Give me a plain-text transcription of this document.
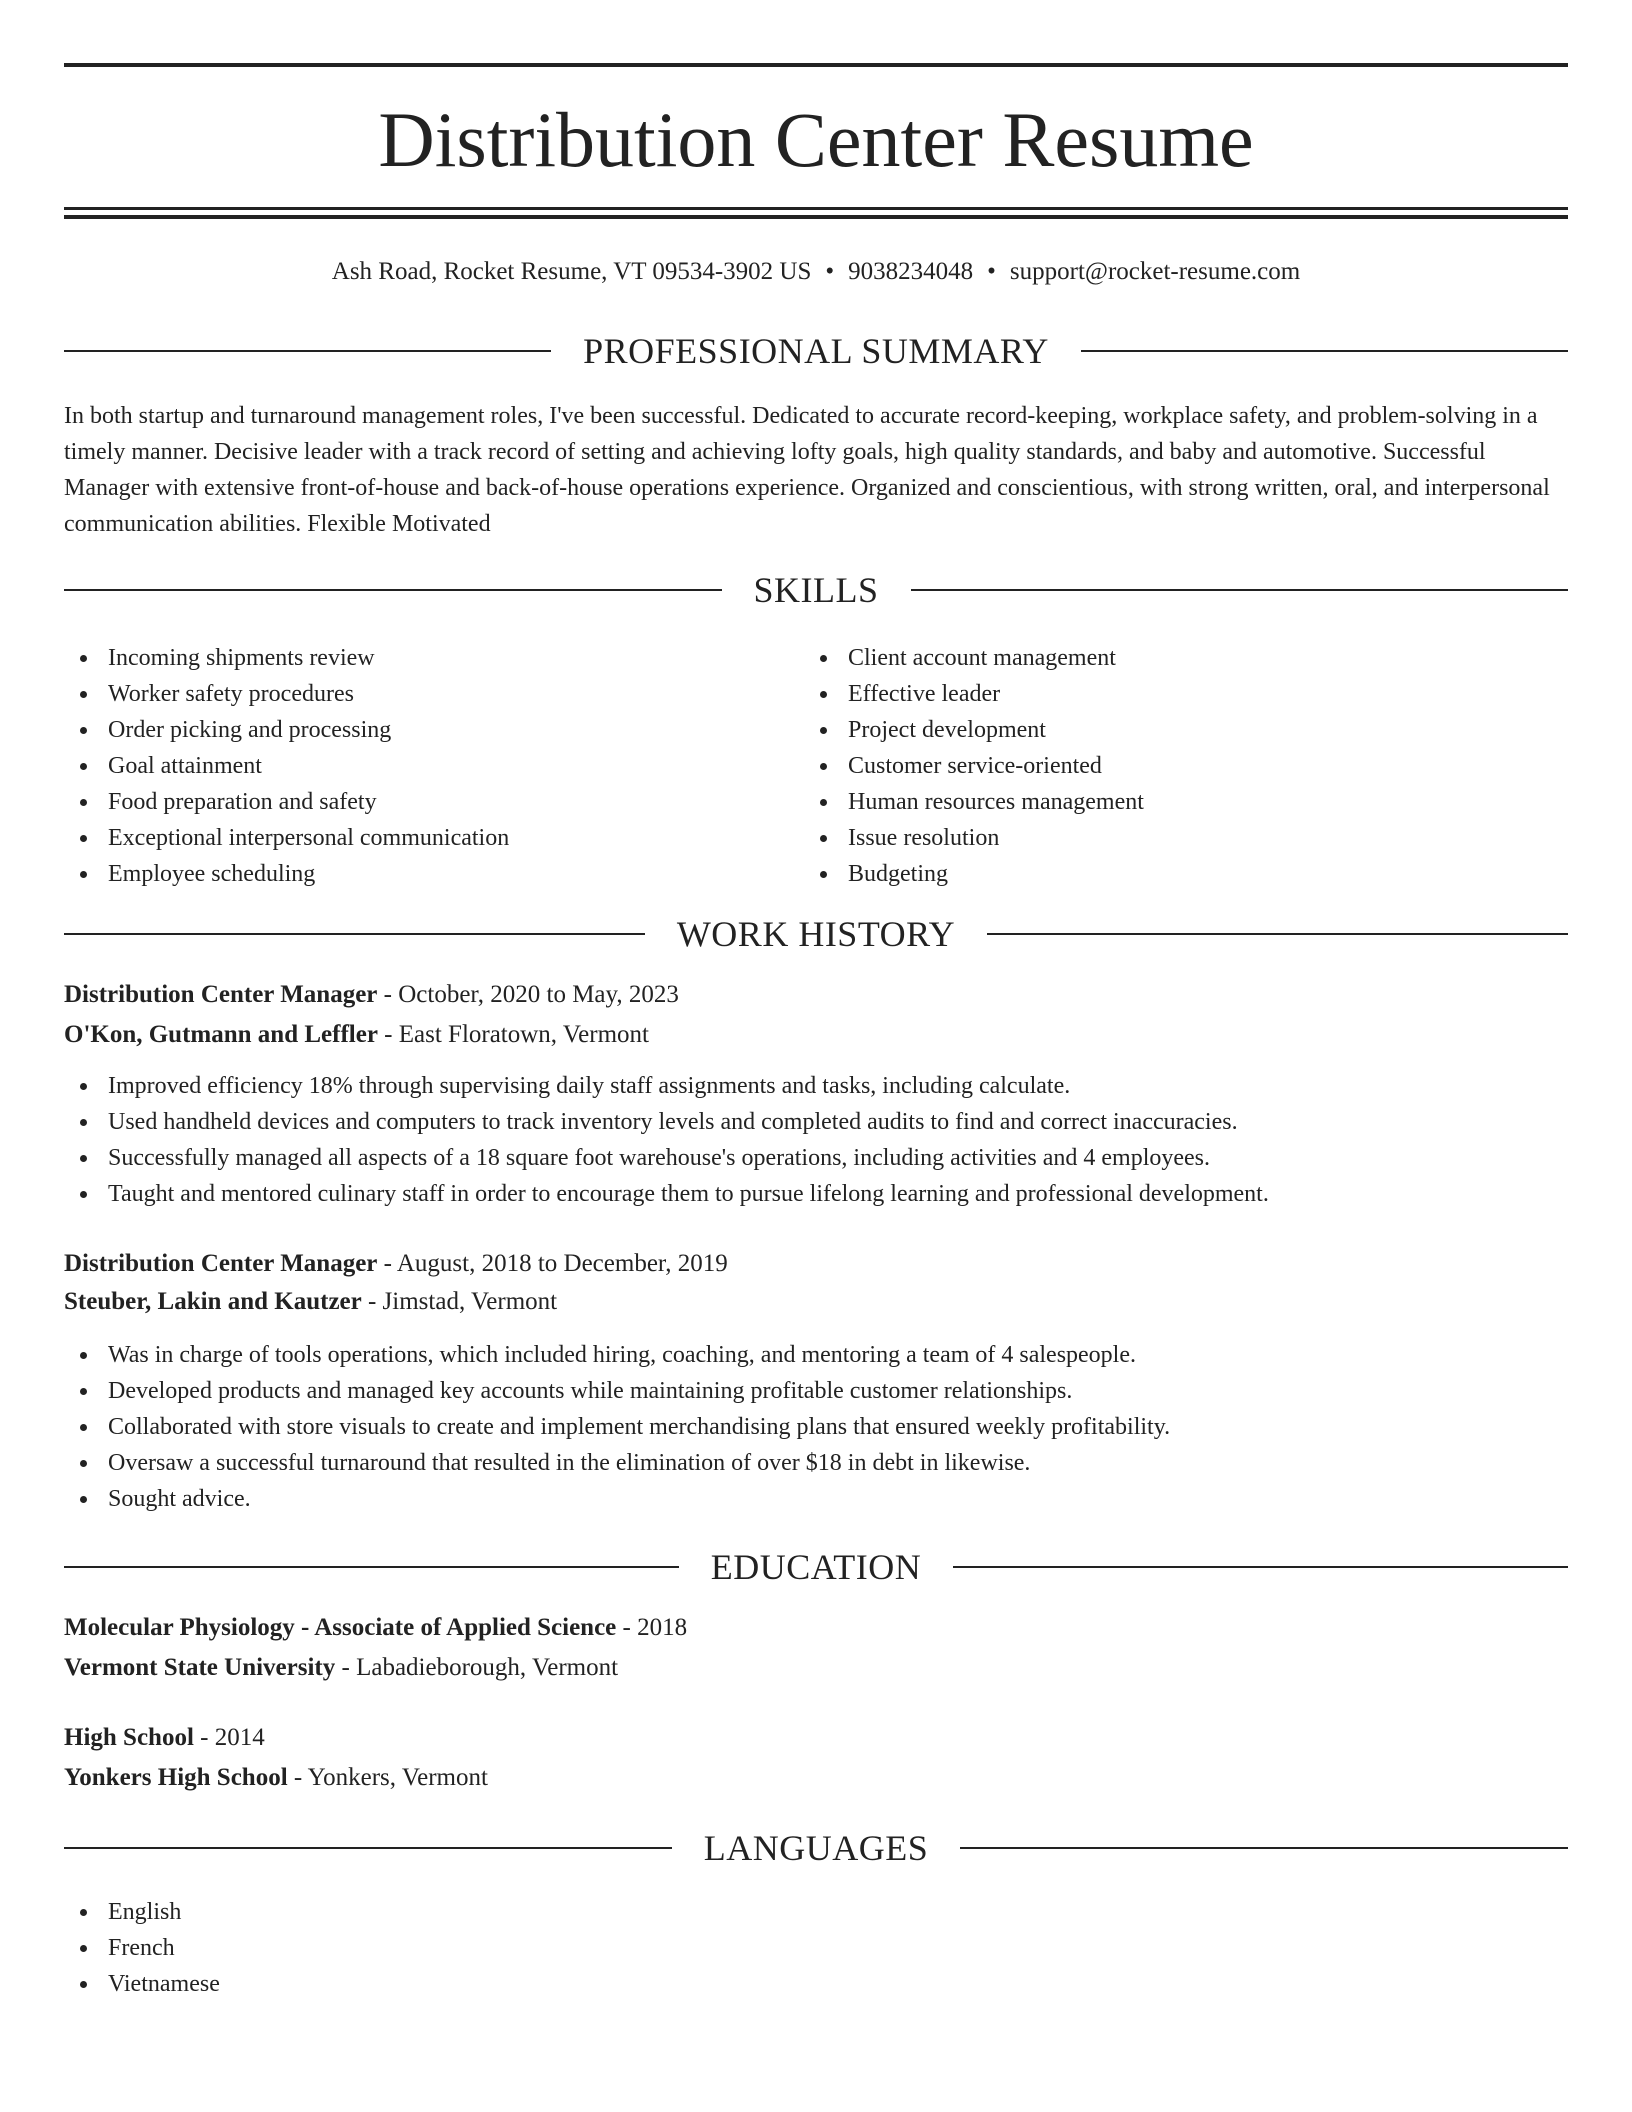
Distribution Center Resume
Ash Road, Rocket Resume, VT 09534-3902 US • 9038234048 • support@rocket-resume.com
PROFESSIONAL SUMMARY

In both startup and turnaround management roles, I've been successful. Dedicated to accurate record-keeping, workplace safety, and problem-solving in a timely manner. Decisive leader with a track record of setting and achieving lofty goals, high quality standards, and baby and automotive. Successful Manager with extensive front-of-house and back-of-house operations experience. Organized and conscientious, with strong written, oral, and interpersonal communication abilities. Flexible Motivated

SKILLS
Incoming shipments review
Worker safety procedures
Order picking and processing
Goal attainment
Food preparation and safety
Exceptional interpersonal communication
Employee scheduling
Client account management
Effective leader
Project development
Customer service-oriented
Human resources management
Issue resolution
Budgeting
WORK HISTORY
Distribution Center Manager - October, 2020 to May, 2023
O'Kon, Gutmann and Leffler - East Floratown, Vermont
Improved efficiency 18% through supervising daily staff assignments and tasks, including calculate.
Used handheld devices and computers to track inventory levels and completed audits to find and correct inaccuracies.
Successfully managed all aspects of a 18 square foot warehouse's operations, including activities and 4 employees.
Taught and mentored culinary staff in order to encourage them to pursue lifelong learning and professional development.
Distribution Center Manager - August, 2018 to December, 2019
Steuber, Lakin and Kautzer - Jimstad, Vermont
Was in charge of tools operations, which included hiring, coaching, and mentoring a team of 4 salespeople.
Developed products and managed key accounts while maintaining profitable customer relationships.
Collaborated with store visuals to create and implement merchandising plans that ensured weekly profitability.
Oversaw a successful turnaround that resulted in the elimination of over $18 in debt in likewise.
Sought advice.
EDUCATION
Molecular Physiology - Associate of Applied Science - 2018
Vermont State University - Labadieborough, Vermont
High School - 2014
Yonkers High School - Yonkers, Vermont
LANGUAGES
English
French
Vietnamese
